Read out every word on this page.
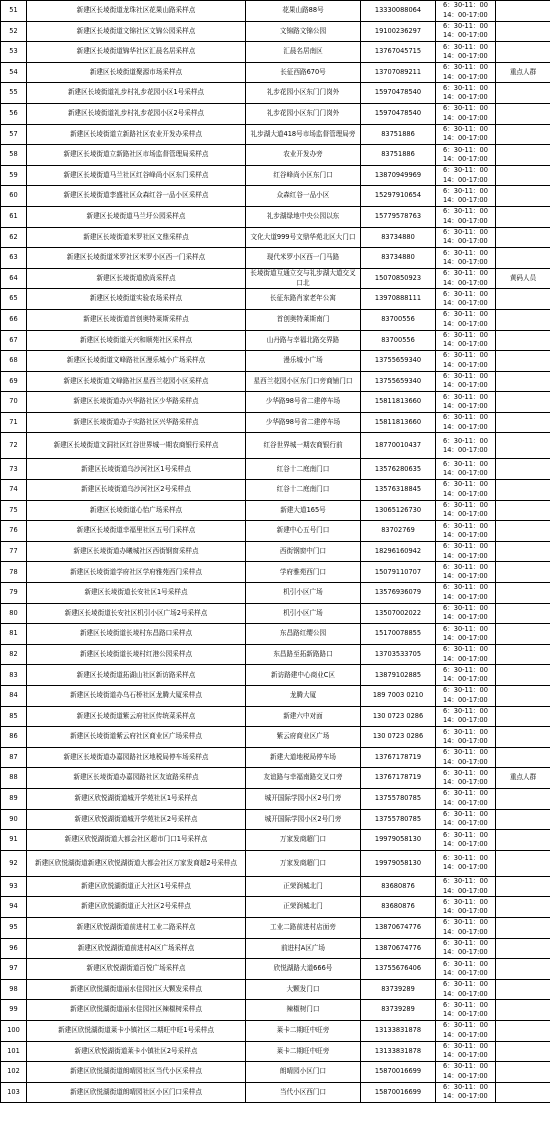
51	新建区长堎街道龙珠社区花果山路采样点	花果山路88号	13330088064	6：30-11：00
14：00-17:00	

52	新建区长堎街道文锦社区文锦公园采样点	文锦路文锦公园	19100236297	6：30-11：00
14：00-17:00	

53	新建区长堎街道锦华社区汇晨名居采样点	汇晨名居南区	13767045715	6：30-11：00
14：00-17:00	

54	新建区长堎街道聚源市场采样点	长征西路670号	13707089211	6：30-11：00
14：00-17:00	重点人群
55	新建区长堎街道礼步村礼步花园小区1号采样点	礼步花园小区东门门岗外	15970478540	6：30-11：00
14：00-17:00	

56	新建区长堎街道礼步村礼步花园小区2号采样点	礼步花园小区东门门岗外	15970478540	6：30-11：00
14：00-17:00	

57	新建区长堎街道立新路社区农业开发办采样点	礼步湖大道418号市场监督管理局旁	83751886	6：30-11：00
14：00-17:00	

58	新建区长堎街道立新路社区市场监督管理局采样点	农业开发办旁	83751886	6：30-11：00
14：00-17:00	

59	新建区长堎街道马兰社区红谷峰尚小区东门采样点	红谷峰尚小区东门口	13870949969	6：30-11：00
14：00-17:00	

60	新建区长堎街道孪盛社区众森红谷一品小区采样点	众森红谷一品小区	15297910654	6：30-11：00
14：00-17:00	

61	新建区长堎街道马兰圩公园采样点	礼步湖绿地中央公园以东	15779578763	6：30-11：00
14：00-17:00	

62	新建区长堎街道米罗社区文鼎采样点	文化大道999号文鼎华苑北区大门口	83734880	6：30-11：00
14：00-17:00	

63	新建区长堎街道米罗社区米罗小区西一门采样点	现代米罗小区西一门马路	83734880	6：30-11：00
14：00-17:00	

64	新建区长堎街道欧尚采样点	长堎街道互通立交与礼步湖大道交叉口北	15070850923	6：30-11：00
14：00-17:00	黄码人员
65	新建区长堎街道实验农场采样点	长征东路肖家老年公寓	13970888111	6：30-11：00
14：00-17:00	

66	新建区长堎街道首创奥特莱斯采样点	首创奥特莱斯南门	83700556	6：30-11：00
14：00-17:00	

67	新建区长堎街道天兴和顺苑社区采样点	山丹路与幸福北路交界路	83700556	6：30-11：00
14：00-17:00	

68	新建区长堎街道文峰路社区漫乐城小广场采样点	漫乐城小广场	13755659340	6：30-11：00
14：00-17:00	

69	新建区长堎街道文峰路社区星西兰花园小区采样点	星西兰花园小区东门口旁商铺门口	13755659340	6：30-11：00
14：00-17:00	

70	新建区长堎街道办兴华路社区少华路采样点	少华路98号省二建停车场	15811813660	6：30-11：00
14：00-17:00	

71	新建区长堎街道办子实路社区兴华路采样点	少华路98号省二建停车场	15811813660	6：30-11：00
14：00-17:00	

72	新建区长堎街道文洞社区红谷世界城一期农商银行采样点	红谷世界城一期农商银行前	18770010437	6：30-11：00
14：00-17:00	

73	新建区长堎街道乌沙河社区1号采样点	红谷十二庭南门口	13576280635	6：30-11：00
14：00-17:00	

74	新建区长堎街道乌沙河社区2号采样点	红谷十二庭南门口	13576318845	6：30-11：00
14：00-17:00	

75	新建区长堎街道心怡广场采样点	新建大道165号	13065126730	6：30-11：00
14：00-17:00	

76	新建区长堎街道幸福里社区五号门采样点	新建中心五号门口	83702769	6：30-11：00
14：00-17:00	

77	新建区长堎街道办曦城社区西街钢窗采样点	西街钢窗中门口	18296160942	6：30-11：00
14：00-17:00	

78	新建区长堎街道学府社区学府雅苑西门采样点	学府雅苑西门口	15079110707	6：30-11：00
14：00-17:00	

79	新建区长堎街道长安社区1号采样点	机引小区广场	13576936079	6：30-11：00
14：00-17:00	

80	新建区长堎街道长安社区机引小区广场2号采样点	机引小区广场	13507002022	6：30-11：00
14：00-17:00	

81	新建区长堎街道长堎村东昌路口采样点	东昌路红缨公园	15170078855	6：30-11：00
14：00-17:00	

82	新建区长堎街道长堎村红港公园采样点	东昌路至拓新路路口	13703533705	6：30-11：00
14：00-17:00	

83	新建区长堎街道拓湖山社区新访路采样点	新访路建中心商业C区	13879102885	6：30-11：00
14：00-17:00	

84	新建区长堎街道办乌石桥社区龙腾大厦采样点	龙腾大厦	189 7003 0210	6：30-11：00
14：00-17:00	

85	新建区长堎街道紫云府社区传统菜采样点	新建六中对面	130 0723 0286	6：30-11：00
14：00-17:00	

86	新建区长堎街道紫云府社区商业区广场采样点	紫云府商业区广场	130 0723 0286	6：30-11：00
14：00-17:00	

87	新建区长堎街道办嘉园路社区地税局停车场采样点	新建大道地税局停车场	13767178719	6：30-11：00
14：00-17:00	

88	新建区长堎街道办嘉园路社区友谊路采样点	友谊路与幸福南路交叉口旁	13767178719	6：30-11：00
14：00-17:00	重点人群
89	新建区欣悦湖街道城开学苑社区1号采样点	城开国际学园小区2号门旁	13755780785	6：30-11：00
14：00-17:00	

90	新建区欣悦湖街道城开学苑社区2号采样点	城开国际学园小区2号门旁	13755780785	6：30-11：00
14：00-17:00	

91	新建区欣悦湖街道大都会社区超市门口1号采样点	万家发商超门口	19979058130	6：30-11：00
14：00-17:00	

92	新建区欣悦湖街道新建区欣悦湖街道大都会社区万家发商超2号采样点	万家发商超门口	19979058130	6：30-11：00
14：00-17:00	

93	新建区欣悦湖街道正大社区1号采样点	正荣润城北门	83680876	6：30-11：00
14：00-17:00	

94	新建区欣悦湖街道正大社区2号采样点	正荣润城北门	83680876	6：30-11：00
14：00-17:00	

95	新建区欣悦湖街道前进村工业二路采样点	工业二路前进村店面旁	13870674776	6：30-11：00
14：00-17:00	

96	新建区欣悦湖街道前进村A区广场采样点	前进村A区广场	13870674776	6：30-11：00
14：00-17:00	

97	新建区欣悦湖街道百悦广场采样点	欣悦湖路大道666号	13755676406	6：30-11：00
14：00-17:00	

98	新建区欣悦湖街道丽水佳园社区大颗发采样点	大颗发门口	83739289	6：30-11：00
14：00-17:00	

99	新建区欣悦湖街道丽水佳园社区辣椒树采样点	辣椒树门口	83739289	6：30-11：00
14：00-17:00	

100	新建区欣悦湖街道莱卡小镇社区二期旺中旺1号采样点	莱卡二期旺中旺旁	13133831878	6：30-11：00
14：00-17:00	

101	新建区欣悦湖街道莱卡小镇社区2号采样点	莱卡二期旺中旺旁	13133831878	6：30-11：00
14：00-17:00	

102	新建区欣悦湖街道朗晴园社区当代小区采样点	朗晴园小区门口	15870016699	6：30-11：00
14：00-17:00	

103	新建区欣悦湖街道朗晴园社区小区门口采样点	当代小区西门口	15870016699	6：30-11：00
14：00-17:00	
